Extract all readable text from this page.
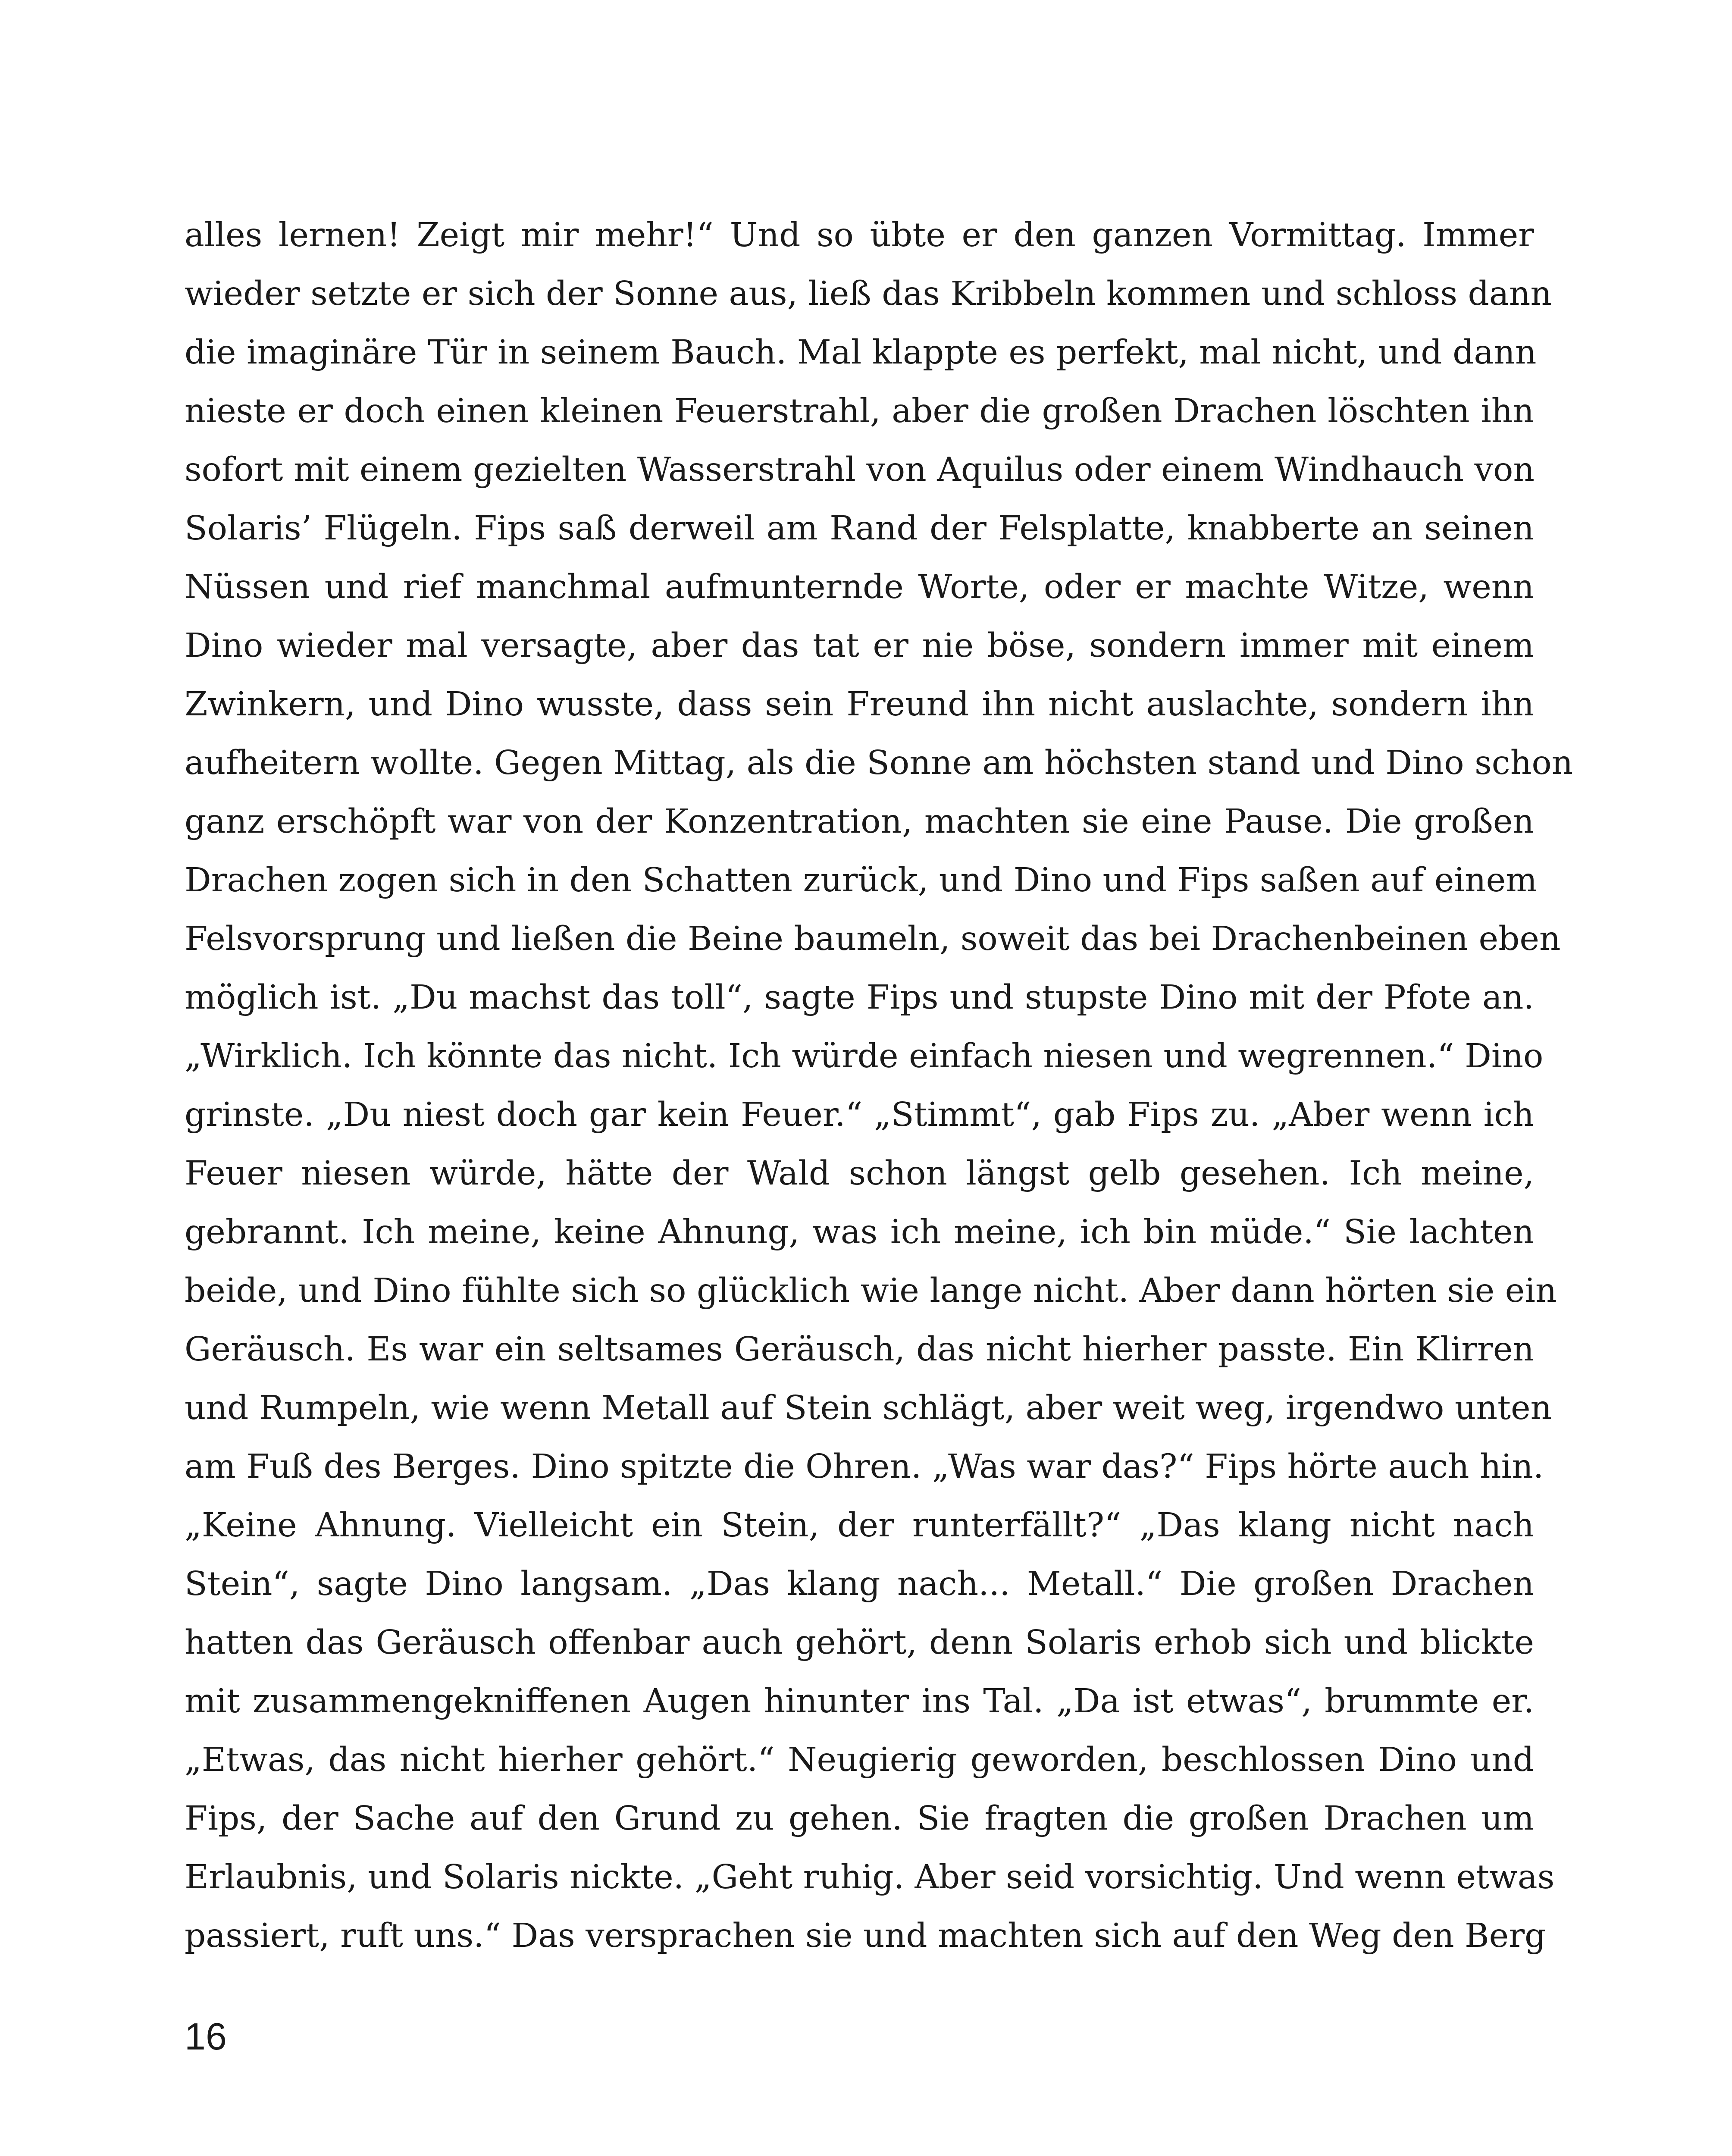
alles lernen! Zeigt mir mehr!“ Und so übte er den ganzen Vormittag. Immer
wieder setzte er sich der Sonne aus, ließ das Kribbeln kommen und schloss dann
die imaginäre Tür in seinem Bauch. Mal klappte es perfekt, mal nicht, und dann
nieste er doch einen kleinen Feuerstrahl, aber die großen Drachen löschten ihn
sofort mit einem gezielten Wasserstrahl von Aquilus oder einem Windhauch von
Solaris’ Flügeln. Fips saß derweil am Rand der Felsplatte, knabberte an seinen
Nüssen und rief manchmal aufmunternde Worte, oder er machte Witze, wenn
Dino wieder mal versagte, aber das tat er nie böse, sondern immer mit einem
Zwinkern, und Dino wusste, dass sein Freund ihn nicht auslachte, sondern ihn
aufheitern wollte. Gegen Mittag, als die Sonne am höchsten stand und Dino schon
ganz erschöpft war von der Konzentration, machten sie eine Pause. Die großen
Drachen zogen sich in den Schatten zurück, und Dino und Fips saßen auf einem
Felsvorsprung und ließen die Beine baumeln, soweit das bei Drachenbeinen eben
möglich ist. „Du machst das toll“, sagte Fips und stupste Dino mit der Pfote an.
„Wirklich. Ich könnte das nicht. Ich würde einfach niesen und wegrennen.“ Dino
grinste. „Du niest doch gar kein Feuer.“ „Stimmt“, gab Fips zu. „Aber wenn ich
Feuer niesen würde, hätte der Wald schon längst gelb gesehen. Ich meine,
gebrannt. Ich meine, keine Ahnung, was ich meine, ich bin müde.“ Sie lachten
beide, und Dino fühlte sich so glücklich wie lange nicht. Aber dann hörten sie ein
Geräusch. Es war ein seltsames Geräusch, das nicht hierher passte. Ein Klirren
und Rumpeln, wie wenn Metall auf Stein schlägt, aber weit weg, irgendwo unten
am Fuß des Berges. Dino spitzte die Ohren. „Was war das?“ Fips hörte auch hin.
„Keine Ahnung. Vielleicht ein Stein, der runterfällt?“ „Das klang nicht nach
Stein“, sagte Dino langsam. „Das klang nach... Metall.“ Die großen Drachen
hatten das Geräusch offenbar auch gehört, denn Solaris erhob sich und blickte
mit zusammengekniffenen Augen hinunter ins Tal. „Da ist etwas“, brummte er.
„Etwas, das nicht hierher gehört.“ Neugierig geworden, beschlossen Dino und
Fips, der Sache auf den Grund zu gehen. Sie fragten die großen Drachen um
Erlaubnis, und Solaris nickte. „Geht ruhig. Aber seid vorsichtig. Und wenn etwas
passiert, ruft uns.“ Das versprachen sie und machten sich auf den Weg den Berg

16
